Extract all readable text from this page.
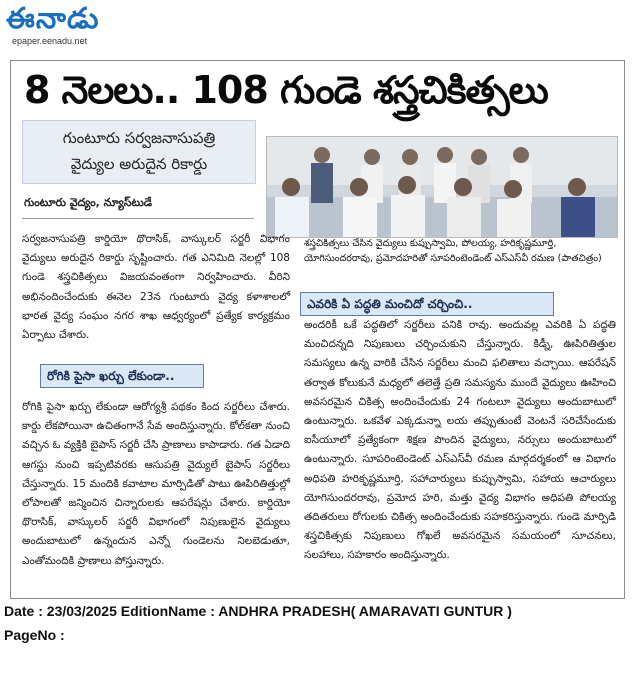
ఈనాడు
epaper.eenadu.net
8 నెలలు.. 108 గుండె శస్త్రచికిత్సలు
గుంటూరు సర్వజనాసుపత్రి
వైద్యుల అరుదైన రికార్డు
గుంటూరు వైద్యం, న్యూస్‌టుడే
శస్త్రచికిత్సలు చేసిన వైద్యులు కుప్పుస్వామి, పోలయ్య, హరికృష్ణమూర్తి, యోగిసుందరరావు, ప్రమోదహరితో సూపరింటెండెంట్ ఎస్ఎస్‌వీ రమణ (పాతచిత్రం)
సర్వజనాసుపత్రి కార్డియో థొరాసిక్, వాస్కులర్ సర్జరీ విభాగం వైద్యులు అరుదైన రికార్డు సృష్టించారు. గత ఎనిమిది నెలల్లో 108 గుండె శస్త్రచికిత్సలు విజయవంతంగా నిర్వహించారు. వీరిని అభినందించేందుకు ఈనెల 23న గుంటూరు వైద్య కళాశాలలో భారత వైద్య సంఘం నగర శాఖ ఆధ్వర్యంలో ప్రత్యేక కార్యక్రమం ఏర్పాటు చేశారు.
ఎవరికి ఏ పద్ధతి మంచిదో చర్చించి..
రోగికి పైసా ఖర్చు లేకుండా..
రోగికి పైసా ఖర్చు లేకుండా ఆరోగ్యశ్రీ పథకం కింద సర్జరీలు చేశారు. కార్డు లేకపోయినా ఉచితంగానే సేవ అందిస్తున్నారు. కోల్‌కతా నుంచి వచ్చిన ఓ వ్యక్తికి బైపాస్ సర్జరీ చేసి ప్రాణాలు కాపాడారు. గత ఏడాది ఆగస్టు నుంచి ఇప్పటివరకు ఆసుపత్రి వైద్యులే బైపాస్ సర్జరీలు చేస్తున్నారు. 15 మందికి కవాటాల మార్పిడితో పాటు ఊపిరితిత్తుల్లో లోపాలతో జన్మించిన చిన్నారులకు ఆపరేషన్లు చేశారు. కార్డియో థొరాసిక్, వాస్కులర్ సర్జరీ విభాగంలో నిపుణులైన వైద్యులు అందుబాటులో ఉన్నందున ఎన్నో గుండెలను నిలబెడుతూ, ఎంతోమందికి ప్రాణాలు పోస్తున్నారు.
అందరికీ ఒకే పద్ధతిలో సర్జరీలు పనికి రావు. అందువల్ల ఎవరికి ఏ పద్ధతి మంచిదన్నది నిపుణులు చర్చించుకుని చేస్తున్నారు. కిడ్నీ, ఊపిరితిత్తుల సమస్యలు ఉన్న వారికి చేసిన సర్జరీలు మంచి ఫలితాలు వచ్చాయి. ఆపరేషన్ తర్వాత కోలుకునే మధ్యలో తలెత్తే ప్రతి సమస్యను ముందే వైద్యులు ఊహించి అవసరమైన చికిత్స అందించేందుకు 24 గంటలూ వైద్యులు అందుబాటులో ఉంటున్నారు. ఒకవేళ ఎక్కడున్నా లయ తప్పుతుంటే వెంటనే సరిచేసేందుకు ఐసీయూలో ప్రత్యేకంగా శిక్షణ పొందిన వైద్యులు, నర్సులు అందుబాటులో ఉంటున్నారు. సూపరింటెండెంట్ ఎస్ఎస్‌వీ రమణ మార్గదర్శకంలో ఆ విభాగం అధిపతి హరికృష్ణమూర్తి, సహాచార్యులు కుప్పుస్వామి, సహాయ ఆచార్యులు యోగిసుందరరావు, ప్రమోద హరి, మత్తు వైద్య విభాగం అధిపతి పోలయ్య తదితరులు రోగులకు చికిత్స అందించేందుకు సహకరిస్తున్నారు. గుండె మార్పిడి శస్త్రచికిత్సకు నిపుణులు గోఖలే అవసరమైన సమయంలో సూచనలు, సలహాలు, సహకారం అందిస్తున్నారు.
Date : 23/03/2025 EditionName : ANDHRA PRADESH( AMARAVATI GUNTUR )
PageNo :
